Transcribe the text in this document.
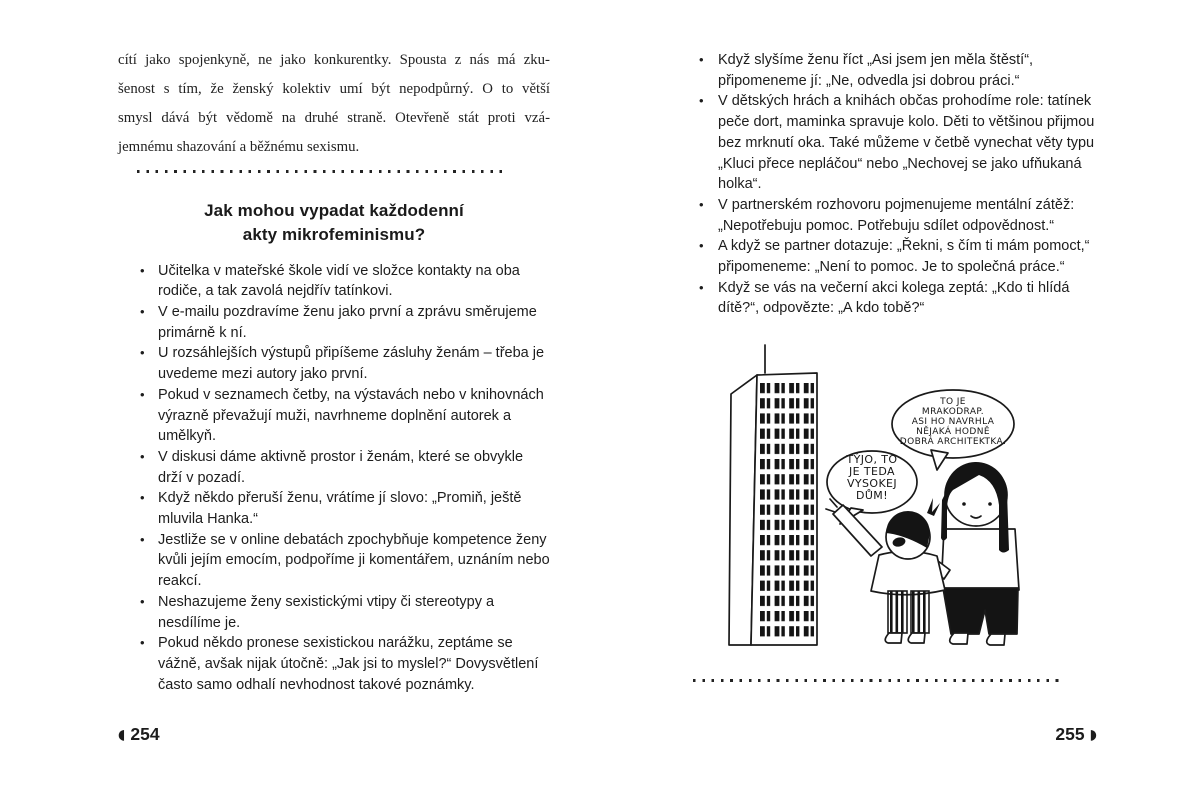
cítí jako spojenkyně, ne jako konkurentky. Spousta z nás má zku-
šenost s tím, že ženský kolektiv umí být nepodpůrný. O to větší
smysl dává být vědomě na druhé straně. Otevřeně stát proti vzá-
jemnému shazování a běžnému sexismu.
Jak mohou vypadat každodenní akty mikrofeminismu?
• Učitelka v mateřské škole vidí ve složce kontakty na oba rodiče, a tak zavolá nejdřív tatínkovi.
• V e-mailu pozdravíme ženu jako první a zprávu směrujeme primárně k ní.
• U rozsáhlejších výstupů připíšeme zásluhy ženám – třeba je uvedeme mezi autory jako první.
• Pokud v seznamech četby, na výstavách nebo v knihovnách výrazně převažují muži, navrhneme doplnění autorek a umělkyň.
• V diskusi dáme aktivně prostor i ženám, které se obvykle drží v pozadí.
• Když někdo přeruší ženu, vrátíme jí slovo: „Promiň, ještě mluvila Hanka.“
• Jestliže se v online debatách zpochybňuje kompetence ženy kvůli jejím emocím, podpoříme ji komentářem, uznáním nebo reakcí.
• Neshazujeme ženy sexistickými vtipy či stereotypy a nesdílíme je.
• Pokud někdo pronese sexistickou narážku, zeptáme se vážně, avšak nijak útočně: „Jak jsi to myslel?“ Dovysvětlení často samo odhalí nevhodnost takové poznámky.
• Když slyšíme ženu říct „Asi jsem jen měla štěstí“, připomeneme jí: „Ne, odvedla jsi dobrou práci.“
• V dětských hrách a knihách občas prohodíme role: tatínek peče dort, maminka spravuje kolo. Děti to většinou přijmou bez mrknutí oka. Také můžeme v četbě vynechat věty typu „Kluci přece nepláčou“ nebo „Nechovej se jako ufňukaná holka“.
• V partnerském rozhovoru pojmenujeme mentální zátěž: „Nepotřebuju pomoc. Potřebuju sdílet odpovědnost.“
• A když se partner dotazuje: „Řekni, s čím ti mám pomoct,“ připomeneme: „Není to pomoc. Je to společná práce.“
• Když se vás na večerní akci kolega zeptá: „Kdo ti hlídá dítě?“, odpovězte: „A kdo tobě?“
TÝJO, TO
JE TEDA
VYSOKEJ
DŮM!
TO JE
MRAKODRAP.
ASI HO NAVRHLA
NĚJAKÁ HODNĚ
DOBRÁ ARCHITEKTKA.
◖ 254	255 ◗
